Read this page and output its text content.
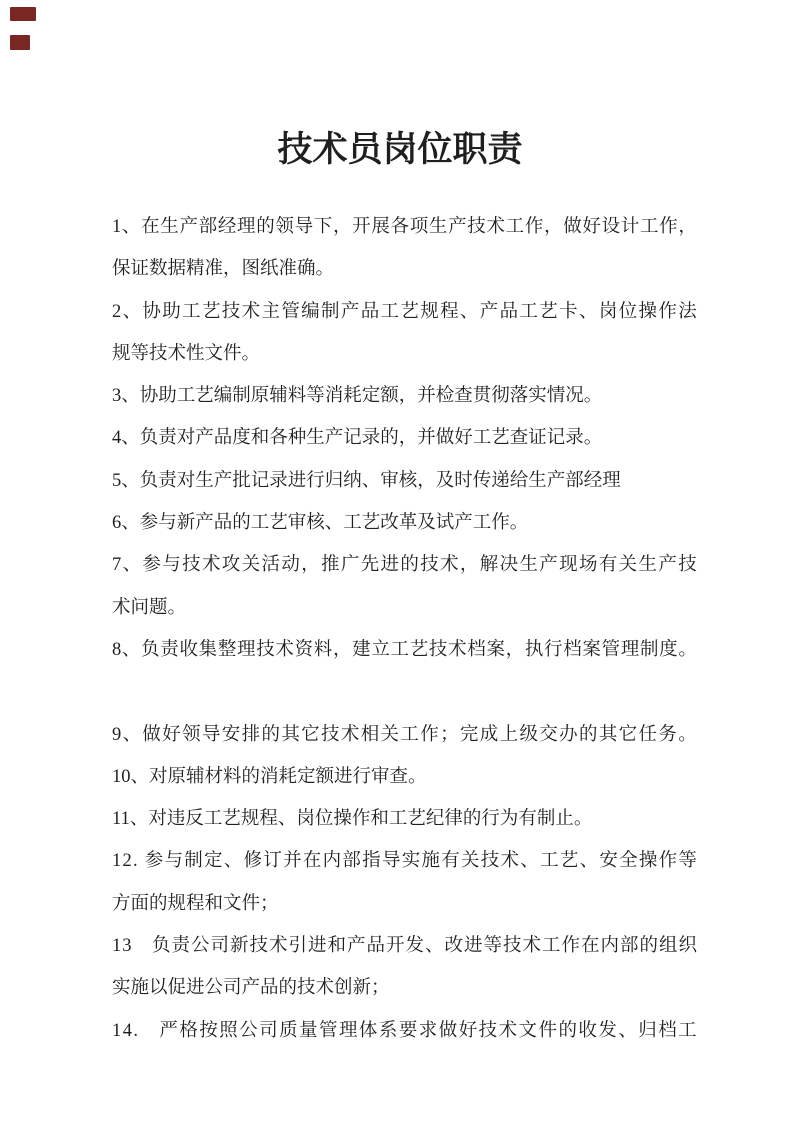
技术员岗位职责
1 、 在 生 产 部 经 理 的 领 导 下 ， 开 展 各 项 生 产 技 术 工 作 ， 做 好 设 计 工 作 ，
保证数据精准，图纸准确。
2 、 协 助 工 艺 技 术 主 管 编 制 产 品 工 艺 规 程 、 产 品 工 艺 卡 、 岗 位 操 作 法
规等技术性文件。
3、协助工艺编制原辅料等消耗定额，并检查贯彻落实情况。
4、负责对产品度和各种生产记录的，并做好工艺查证记录。
5、负责对生产批记录进行归纳、审核，及时传递给生产部经理
6、参与新产品的工艺审核、工艺改革及试产工作。
7 、 参 与 技 术 攻 关 活 动 ， 推 广 先 进 的 技 术 ， 解 决 生 产 现 场 有 关 生 产 技
术问题。
8 、 负 责 收 集 整 理 技 术 资 料 ， 建 立 工 艺 技 术 档 案 ， 执 行 档 案 管 理 制 度 。

9 、 做 好 领 导 安 排 的 其 它 技 术 相 关 工 作 ； 完 成 上 级 交 办 的 其 它 任 务 。
10、对原辅材料的消耗定额进行审查。
11、对违反工艺规程、岗位操作和工艺纪律的行为有制止。
1 2 .
参 与 制 定 、 修 订 并 在 内 部 指 导 实 施 有 关 技 术 、 工 艺 、 安 全 操 作 等
方面的规程和文件；
1 3
　 负 责 公 司 新 技 术 引 进 和 产 品 开 发 、 改 进 等 技 术 工 作 在 内 部 的 组 织
实施以促进公司产品的技术创新；
1 4 .
　 严 格 按 照 公 司 质 量 管 理 体 系 要 求 做 好 技 术 文 件 的 收 发 、 归 档 工
